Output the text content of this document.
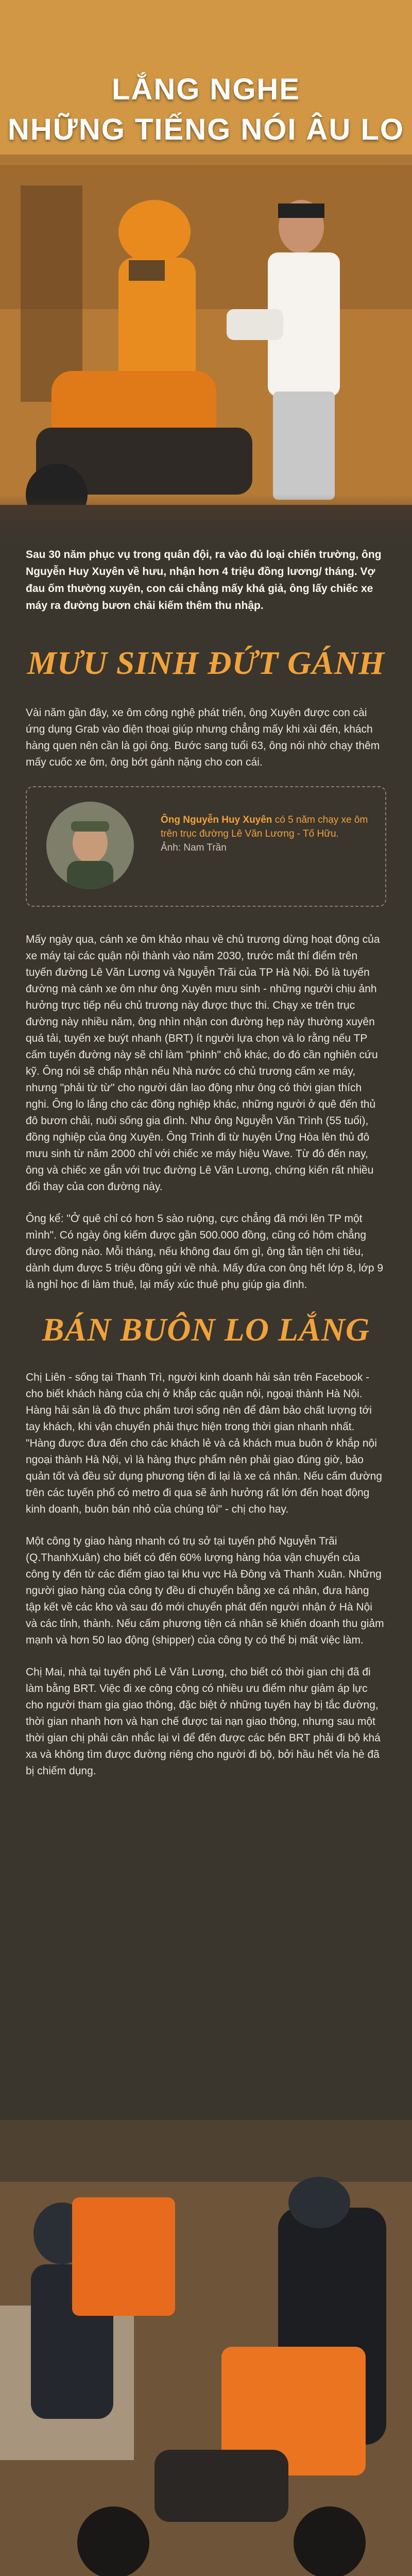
LẮNG NGHE
NHỮNG TIẾNG NÓI ÂU LO

Sau 30 năm phục vụ trong quân đội, ra vào đủ loại chiến trường, ông Nguyễn Huy Xuyên về hưu, nhận hơn 4 triệu đồng lương/ tháng. Vợ đau ốm thường xuyên, con cái chẳng mấy khá giả, ông lấy chiếc xe máy ra đường bươn chải kiếm thêm thu nhập.

MƯU SINH ĐỨT GÁNH

Vài năm gần đây, xe ôm công nghệ phát triển, ông Xuyên được con cài ứng dụng Grab vào điện thoại giúp nhưng chẳng mấy khi xài đến, khách hàng quen nên cần là gọi ông. Bước sang tuổi 63, ông nói nhờ chạy thêm mấy cuốc xe ôm, ông bớt gánh nặng cho con cái.

Ông Nguyễn Huy Xuyên có 5 năm chạy xe ôm trên trục đường Lê Văn Lương - Tố Hữu.
Ảnh: Nam Trần

Mấy ngày qua, cánh xe ôm khảo nhau về chủ trương dừng hoạt động của xe máy tại các quận nội thành vào năm 2030, trước mắt thí điểm trên tuyến đường Lê Văn Lương và Nguyễn Trãi của TP Hà Nội. Đó là tuyến đường mà cánh xe ôm như ông Xuyên mưu sinh - những người chịu ảnh hưởng trực tiếp nếu chủ trương này được thực thi. Chạy xe trên trục đường này nhiều năm, ông nhìn nhận con đường hẹp này thường xuyên quá tải, tuyến xe buýt nhanh (BRT) ít người lựa chọn và lo rằng nếu TP cấm tuyến đường này sẽ chỉ làm "phình" chỗ khác, do đó cần nghiên cứu kỹ. Ông nói sẽ chấp nhận nếu Nhà nước có chủ trương cấm xe máy, nhưng "phải từ từ" cho người dân lao động như ông có thời gian thích nghi. Ông lo lắng cho các đồng nghiệp khác, những người ở quê đến thủ đô bươn chải, nuôi sống gia đình. Như ông Nguyễn Văn Trình (55 tuổi), đồng nghiệp của ông Xuyên. Ông Trình đi từ huyện Ứng Hòa lên thủ đô mưu sinh từ năm 2000 chỉ với chiếc xe máy hiệu Wave. Từ đó đến nay, ông và chiếc xe gắn với trục đường Lê Văn Lương, chứng kiến rất nhiều đổi thay của con đường này.

Ông kể: "Ở quê chỉ có hơn 5 sào ruộng, cực chẳng đã mới lên TP một mình". Có ngày ông kiếm được gần 500.000 đồng, cũng có hôm chẳng được đồng nào. Mỗi tháng, nếu không đau ốm gì, ông tằn tiện chi tiêu, dành dụm được 5 triệu đồng gửi về nhà. Mấy đứa con ông hết lớp 8, lớp 9 là nghỉ học đi làm thuê, lại mấy xúc thuê phụ giúp gia đình.

BÁN BUÔN LO LẮNG

Chị Liên - sống tại Thanh Trì, người kinh doanh hải sản trên Facebook - cho biết khách hàng của chị ở khắp các quận nội, ngoại thành Hà Nội. Hàng hải sản là đồ thực phẩm tươi sống nên để đảm bảo chất lượng tới tay khách, khi vận chuyển phải thực hiện trong thời gian nhanh nhất. "Hàng được đưa đến cho các khách lẻ và cả khách mua buôn ở khắp nội ngoại thành Hà Nội, vì là hàng thực phẩm nên phải giao đúng giờ, bảo quản tốt và đều sử dụng phương tiện đi lại là xe cá nhân. Nếu cấm đường trên các tuyến phố có metro đi qua sẽ ảnh hưởng rất lớn đến hoạt động kinh doanh, buôn bán nhỏ của chúng tôi" - chị cho hay.

Một công ty giao hàng nhanh có trụ sở tại tuyến phố Nguyễn Trãi (Q.ThanhXuân) cho biết có đến 60% lượng hàng hóa vận chuyển của công ty đến từ các điểm giao tại khu vực Hà Đông và Thanh Xuân. Những người giao hàng của công ty đều di chuyển bằng xe cá nhân, đưa hàng tập kết về các kho và sau đó mới chuyển phát đến người nhận ở Hà Nội và các tỉnh, thành. Nếu cấm phương tiện cá nhân sẽ khiến doanh thu giảm mạnh và hơn 50 lao động (shipper) của công ty có thể bị mất việc làm.

Chị Mai, nhà tại tuyến phố Lê Văn Lương, cho biết có thời gian chị đã đi làm bằng BRT. Việc đi xe công cộng có nhiều ưu điểm như giảm áp lực cho người tham gia giao thông, đặc biệt ở những tuyến hay bị tắc đường, thời gian nhanh hơn và hạn chế được tai nạn giao thông, nhưng sau một thời gian chị phải cân nhắc lại vì để đến được các bến BRT phải đi bộ khá xa và không tìm được đường riêng cho người đi bộ, bởi hầu hết vỉa hè đã bị chiếm dụng.
